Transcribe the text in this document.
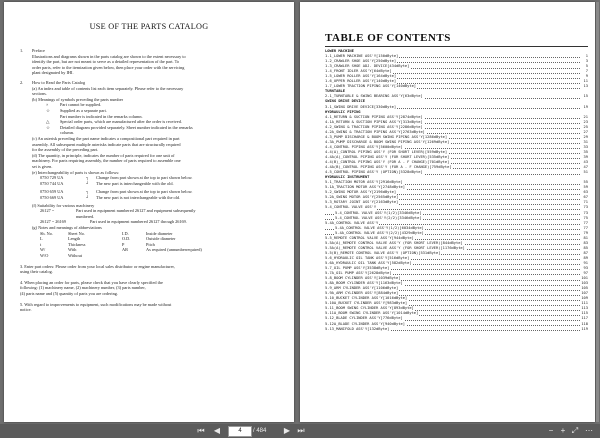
USE OF THE PARTS CATALOG
1. Preface
Illustrations and diagrams shown in the parts catalog are shown to the extent necessary to
identify the part, but are not meant to serve as a detailed representation of the part. To
order parts, refer to the itemization given below, then place your order with the servicing
plant designated by IHI.
2. How to Read the Parts Catalog
(a) An index and table of contents list each item separately. Please refer to the necessary
sections.
(b) Meanings of symbols preceding the parts number
×	Part cannot be supplied.
☆ Supplied as a separate part.
Part number is indicated in the remarks column.
△ Special order parts, which are manufactured after the order is received.
☆ Detailed diagram provided separately. Sheet number indicated in the remarks
column.
(c) An asterisk preceding the part name indicates a compositional part required in part
assembly. All subsequent multiple asterisks indicate parts that are structurally required
for the assembly of the preceding part.
(d) The quantity, in principle, indicates the number of parts required for one unit of
machinery. For parts requiring assembly, the number of parts required to assemble one
set is given.
(e) Interchangeability of parts is shown as follows:
0750 729 UA	┐ Change from part shown at the top to part shown below.
0750 744 UA	┘ The new part is interchangeable with the old.
0750 659 UA	┐ Change from part shown at the top to part shown below.
0750 669 UA	┘ The new part is not interchangeable with the old.
(f) Suitability for various machinery
26127 ~	Part used in equipment numbered 26127 and equipment subsequently
numbered.
26127 ~ 26169	Part used in equipment numbered 26127 through 26169.
(g) Notes and meanings of abbreviations
Sh. No.	Sheet No.	I.D.	Inside diameter
L	Length	O.D.	Outside diameter
t	Thickness	P	Pitch
W/	With	AR	As required (unnumberrequired)
W/O	Without
3. Enter part orders: Please order from your local sales distributor or engine manufacturer,
using their catalog.
4. When placing an order for parts, please check that you have clearly specified the
following: (1) machinery name, (2) machinery number, (3) parts number,
(4) parts name and (5) quantity of parts you are ordering.
5. With regard to improvements to equipment, such modifications may be made without
notice.
TABLE OF CONTENTS
LOWER MACHINE
1-1_LOWER MACHINE ASS'Y[150dByte]	1
1-2_CRAWLER SHOE ASS'Y[250dByte]	3
1-3_CRAWLER SHOE ADJ. DEVICE[434dByte]	5
1-4_FRONT IDLER ASS'Y[64dByte]	7
1-5_LOWER ROLLER ASS'Y[164dByte]	9
1-6_UPPER ROLLER ASS'Y[140dByte]	11
1-7_LOWER TRACTION PIPING ASS'Y[140dByte]	13
TURNTABLE
2-1_TURNTABLE & SWING BEARING ASS'Y[63dByte]	15
SWING DRIVE DEVICE
3-1_SWING DRIVE DEVICE[330dByte]	19
HYDRAULIC PIPING
4-1_RETURN & SUCTION PIPING ASS'Y[2874dByte]	21
4-1A_RETURN & SUCTION PIPING ASS'Y[313dByte]	23
4-2_SWING & TRACTION PIPING ASS'Y[2286dByte]	25
4-2A_SWING & TRACTION PIPING ASS'Y[2763dByte]	27
4-3_PUMP DISCHARGE & BOOM SWING PIPING ASS'Y[1286dByte]	29
4-3A_PUMP DISCHARGE & BOOM SWING PIPING ASS'Y[1269dByte]	31
4-4_CONTROL PIPING ASS'Y[5600dByte]	33
4-4(A)_CONTROL PIPING ASS'Y (FOR SHORT LEVER)[559dByte]	35
4-4A(A)_CONTROL PIPING ASS'Y (FOR SHORT LEVER)[535dByte]	39
4-4(B)_CONTROL PIPING ASS'Y (FOR A - F CHANGE)[701dByte]	43
4-4A(B)_CONTROL PIPING ASS'Y (FOR A - F CHANGE)[759dByte]	47
4-5_CONTROL PIPING ASS'Y (OPTION)[5328dByte]	51
HYDRAULIC INSTRUMENT
5-1_TRACTION MOTOR ASS'Y[2916dByte]	55
5-1A_TRACTION MOTOR ASS'Y[2748dByte]	59
5-2_SWING MOTOR ASS'Y[2196dByte]	63
5-2A_SWING MOTOR ASS'Y[2565dByte]	67
5-3_ROTARY JOINT ASS'Y[2163dByte]	71
5-4_CONTROL VALVE ASS'Y	73
5-4_CONTROL VALVE ASS'Y(1/2)[3346dByte]	73
5-4_CONTROL VALVE ASS'Y(2/2)[3346dByte]	75
5-4A_CONTROL VALVE ASS'Y	77
5-4A_CONTROL VALVE ASS'Y(1/2)[6034dByte]	77
5-4A_CONTROL VALVE ASS'Y(2/2)[4329dByte]	79
5-5_REMOTE CONTROL VALVE ASS'Y[944dByte]	81
5-5A(A)_REMOTE CONTROL VALVE ASS'Y (FOR SHORT LEVER)[844dByte]	83
5-5A(A)_REMOTE CONTROL VALVE ASS'Y (FOR SHORT LEVER)[1176dByte]	85
5-5(B)_REMOTE CONTROL VALVE ASS'Y (OPTION)[531dByte]	87
5-6_HYDRAULIC OIL TANK ASS'Y[516dByte]	89
5-6A_HYDRAULIC OIL TANK ASS'Y[582dByte]	91
5-7_OIL PUMP ASS'Y[3538dByte]	93
5-7A_OIL PUMP ASS'Y[2628dByte]	97
5-8_BOOM CYLINDER ASS'Y[1039dByte]	101
5-8A_BOOM CYLINDER ASS'Y[1163dByte]	103
5-9_ARM CYLINDER ASS'Y[1106dByte]	105
5-9A_ARM CYLINDER ASS'Y[884dByte]	107
5-10_BUCKET CYLINDER ASS'Y[1016dByte]	109
5-10A_BUCKET CYLINDER ASS'Y[983dByte]	111
5-11_BOOM SWING CYLINDER ASS'Y[893dByte]	113
5-11A_BOOM SWING CYLINDER ASS'Y[1014dByte]	115
5-12_BLADE CYLINDER ASS'Y[776dByte]	117
5-12A_BLADE CYLINDER ASS'Y[940dByte]	118
5-13_MANIFOLD ASS'Y[132dByte]	119
⏮ ◀	4	/ 484 ▶ ⏭	− + ⤢ ⋯
